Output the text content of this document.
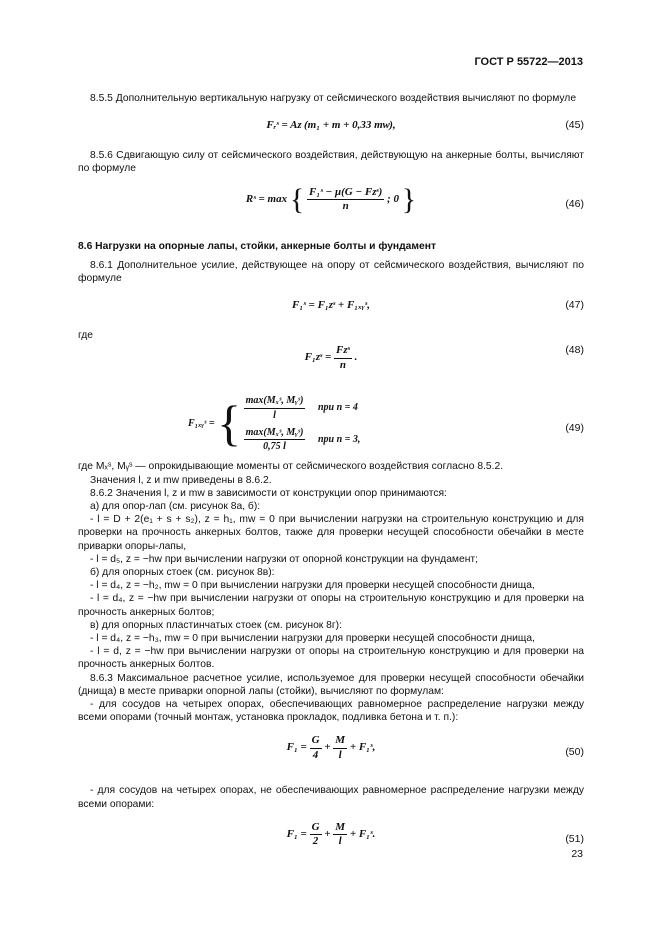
ГОСТ Р 55722—2013

8.5.5 Дополнительную вертикальную нагрузку от сейсмического воздействия вычисляют по формуле

Fᵣˢ = Aᴢ (m₁ + m + 0,33 mᴡ),	(45)

8.5.6 Сдвигающую силу от сейсмического воздействия, действующую на анкерные болты, вычисляют по формуле

Rˢ = max { $\frac{\text{F₁ˢ − μ(G − Fᴢˢ)}}{n}$ ; 0 }	(46)

8.6 Нагрузки на опорные лапы, стойки, анкерные болты и фундамент

8.6.1 Дополнительное усилие, действующее на опору от сейсмического воздействия, вычисляют по формуле

F₁ˢ = F₁ᴢˢ + F₁ₓᵧˢ,	(47)

где

F₁ᴢˢ = $\frac{\text{Fᴢˢ}}{n}$ .
(48)
F₁ₓᵧˢ = { $\frac{\text{max(Mₓˢ, Mᵧˢ)}}{l}$ при n = 4
$\frac{\text{max(Mₓˢ, Mᵧˢ)}}{0,75 l}$ при n = 3,
(49)

где Mₓˢ, Mᵧˢ — опрокидывающие моменты от сейсмического воздействия согласно 8.5.2.

Значения l, z и mᴡ приведены в 8.6.2.

8.6.2 Значения l, z и mᴡ в зависимости от конструкции опор принимаются:

а) для опор-лап (см. рисунок 8а, б):

- l = D + 2(e₁ + s + s₂), z = h₁, mᴡ = 0 при вычислении нагрузки на строительную конструкцию и для проверки на прочность анкерных болтов, также для проверки несущей способности обечайки в месте приварки опоры-лапы,

- l = d₅, z = −hᴡ при вычислении нагрузки от опорной конструкции на фундамент;

б) для опорных стоек (см. рисунок 8в):

- l = d₄, z = −h₂, mᴡ = 0 при вычислении нагрузки для проверки несущей способности днища,

- l = d₄, z = −hᴡ при вычислении нагрузки от опоры на строительную конструкцию и для проверки на прочность анкерных болтов;

в) для опорных пластинчатых стоек (см. рисунок 8г):

- l = d₄, z = −h₃, mᴡ = 0 при вычислении нагрузки для проверки несущей способности днища,

- l = d, z = −hᴡ при вычислении нагрузки от опоры на строительную конструкцию и для проверки на прочность анкерных болтов.

8.6.3 Максимальное расчетное усилие, используемое для проверки несущей способности обечайки (днища) в месте приварки опорной лапы (стойки), вычисляют по формулам:

- для сосудов на четырех опорах, обеспечивающих равномерное распределение нагрузки между всеми опорами (точный монтаж, установка прокладок, подливка бетона и т. п.):

$F_1 = \frac{G}{4} + \frac{M}{l}$ + F₁ˢ,	(50)

- для сосудов на четырех опорах, не обеспечивающих равномерное распределение нагрузки между всеми опорами:

$F_1 = \frac{G}{2} + \frac{M}{l}$ + F₁ˢ.	(51)
23
